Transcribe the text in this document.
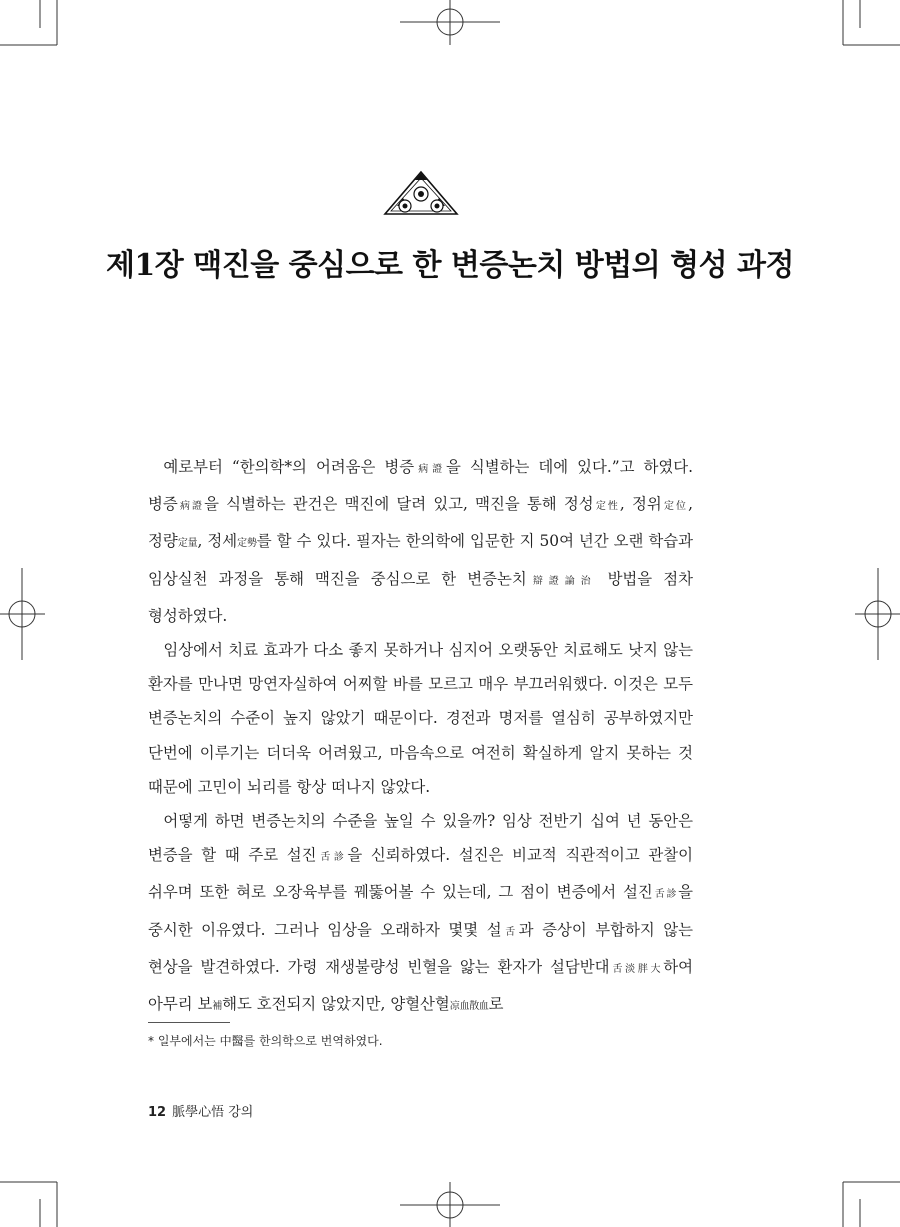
제1장 맥진을 중심으로 한 변증논치 방법의 형성 과정

예로부터 “한의학*의 어려움은 병증病證을 식별하는 데에 있다.”고 하였다. 병증病證을 식별하는 관건은 맥진에 달려 있고, 맥진을 통해 정성定性, 정위定位, 정량定量, 정세定勢를 할 수 있다. 필자는 한의학에 입문한 지 50여 년간 오랜 학습과 임상실천 과정을 통해 맥진을 중심으로 한 변증논치辯證論治 방법을 점차 형성하였다.

임상에서 치료 효과가 다소 좋지 못하거나 심지어 오랫동안 치료해도 낫지 않는 환자를 만나면 망연자실하여 어찌할 바를 모르고 매우 부끄러워했다. 이것은 모두 변증논치의 수준이 높지 않았기 때문이다. 경전과 명저를 열심히 공부하였지만 단번에 이루기는 더더욱 어려웠고, 마음속으로 여전히 확실하게 알지 못하는 것 때문에 고민이 뇌리를 항상 떠나지 않았다.

어떻게 하면 변증논치의 수준을 높일 수 있을까? 임상 전반기 십여 년 동안은 변증을 할 때 주로 설진舌診을 신뢰하였다. 설진은 비교적 직관적이고 관찰이 쉬우며 또한 혀로 오장육부를 꿰뚫어볼 수 있는데, 그 점이 변증에서 설진舌診을 중시한 이유였다. 그러나 임상을 오래하자 몇몇 설舌과 증상이 부합하지 않는 현상을 발견하였다. 가령 재생불량성 빈혈을 앓는 환자가 설담반대舌淡胖大하여 아무리 보補해도 호전되지 않았지만, 양혈산혈凉血散血로

* 일부에서는 中醫를 한의학으로 번역하였다.
12 脈學心悟 강의
